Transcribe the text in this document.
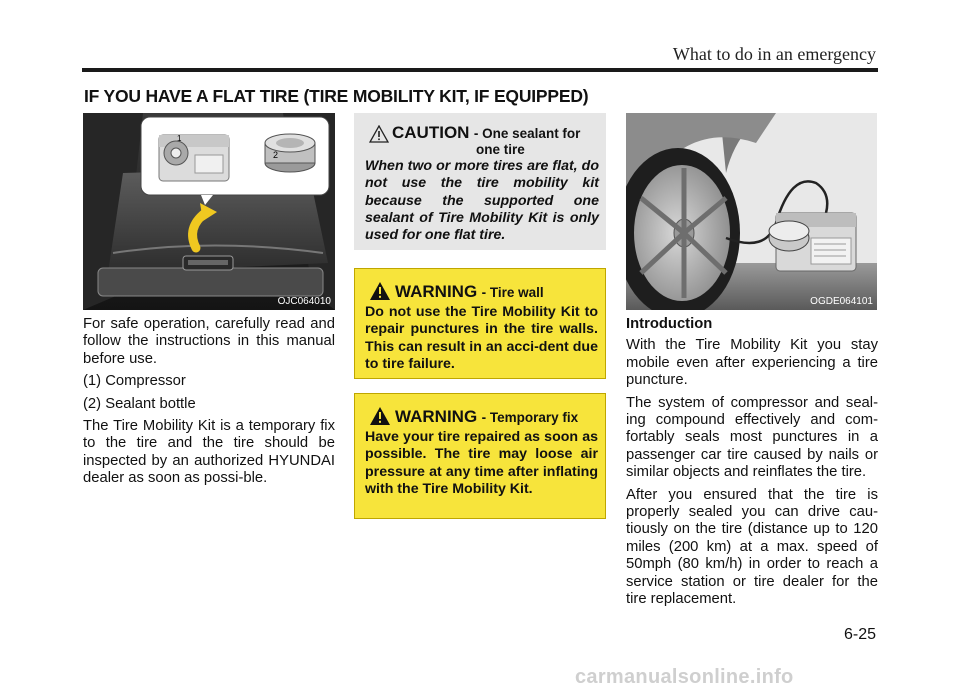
What to do in an emergency
IF YOU HAVE A FLAT TIRE (TIRE MOBILITY KIT, IF EQUIPPED)
1
2
OJC064010

For safe operation, carefully read and follow the instructions in this manual before use.

(1) Compressor

(2) Sealant bottle

The Tire Mobility Kit is a temporary fix to the tire and the tire should be inspected by an authorized HYUNDAI dealer as soon as possi-ble.

CAUTION - One sealant for
one tire
When two or more tires are flat, do not use the tire mobility kit because the supported one sealant of Tire Mobility Kit is only used for one flat tire.
WARNING - Tire wall
Do not use the Tire Mobility Kit to repair punctures in the tire walls. This can result in an acci-dent due to tire failure.
WARNING - Temporary fix
Have your tire repaired as soon as possible. The tire may loose air pressure at any time after inflating with the Tire Mobility Kit.
OGDE064101

Introduction

With the Tire Mobility Kit you stay mobile even after experiencing a tire puncture.

The system of compressor and seal-ing compound effectively and com-fortably seals most punctures in a passenger car tire caused by nails or similar objects and reinflates the tire.

After you ensured that the tire is properly sealed you can drive cau-tiously on the tire (distance up to 120 miles (200 km) at a max. speed of 50mph (80 km/h) in order to reach a service station or tire dealer for the tire replacement.

6-25
carmanualsonline.info
